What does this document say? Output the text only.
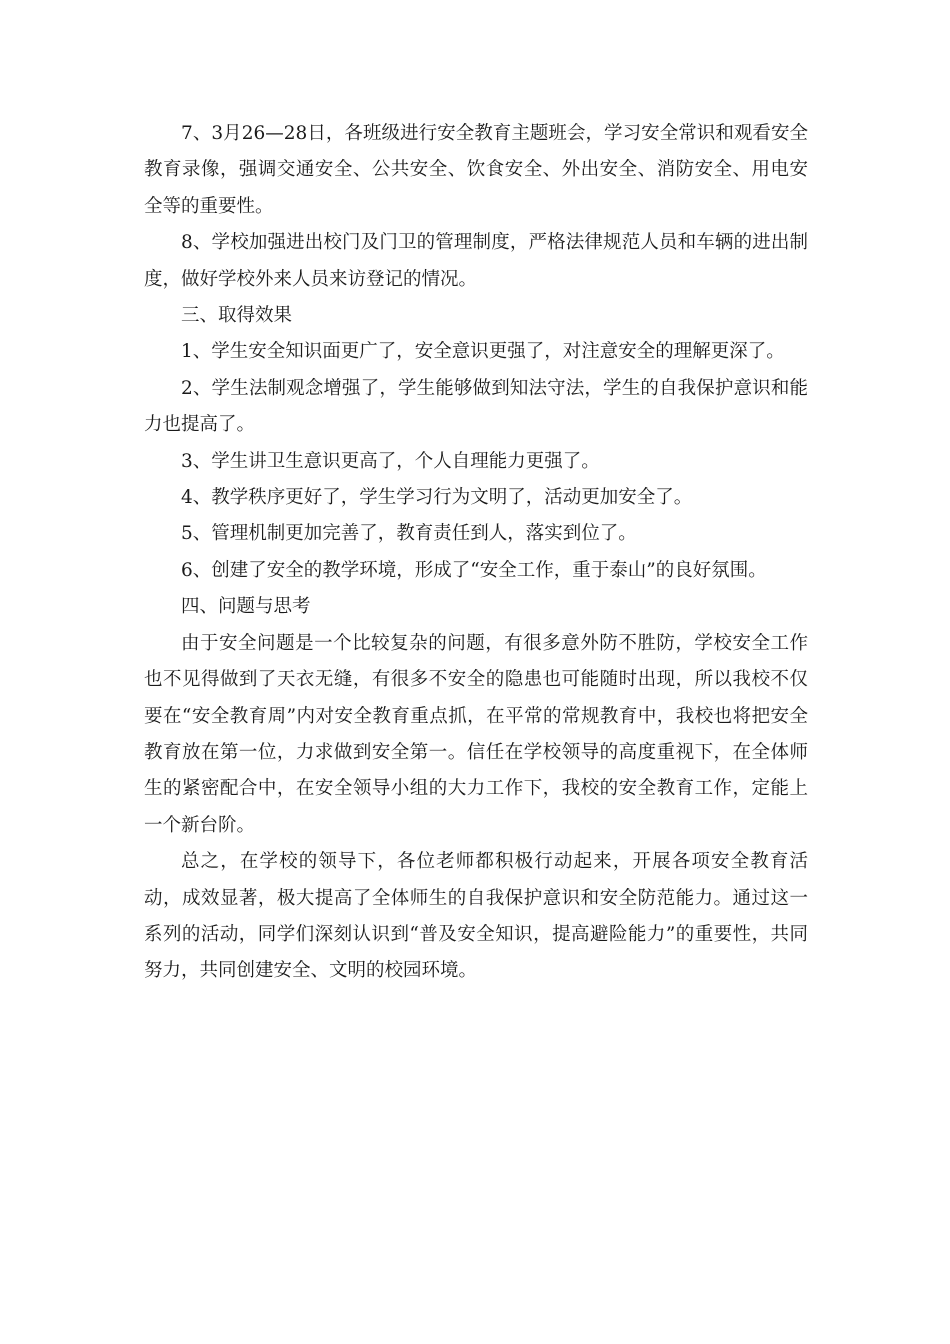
7、3月26—28日，各班级进行安全教育主题班会，学习安全常识和观看安全教育录像，强调交通安全、公共安全、饮食安全、外出安全、消防安全、用电安全等的重要性。

8、学校加强进出校门及门卫的管理制度，严格法律规范人员和车辆的进出制度，做好学校外来人员来访登记的情况。

三、取得效果

1、学生安全知识面更广了，安全意识更强了，对注意安全的理解更深了。

2、学生法制观念增强了，学生能够做到知法守法，学生的自我保护意识和能力也提高了。

3、学生讲卫生意识更高了，个人自理能力更强了。

4、教学秩序更好了，学生学习行为文明了，活动更加安全了。

5、管理机制更加完善了，教育责任到人，落实到位了。

6、创建了安全的教学环境，形成了“安全工作，重于泰山”的良好氛围。

四、问题与思考

由于安全问题是一个比较复杂的问题，有很多意外防不胜防，学校安全工作也不见得做到了天衣无缝，有很多不安全的隐患也可能随时出现，所以我校不仅要在“安全教育周”内对安全教育重点抓，在平常的常规教育中，我校也将把安全教育放在第一位，力求做到安全第一。信任在学校领导的高度重视下，在全体师生的紧密配合中，在安全领导小组的大力工作下，我校的安全教育工作，定能上一个新台阶。

总之，在学校的领导下，各位老师都积极行动起来，开展各项安全教育活动，成效显著，极大提高了全体师生的自我保护意识和安全防范能力。通过这一系列的活动，同学们深刻认识到“普及安全知识，提高避险能力”的重要性，共同努力，共同创建安全、文明的校园环境。
